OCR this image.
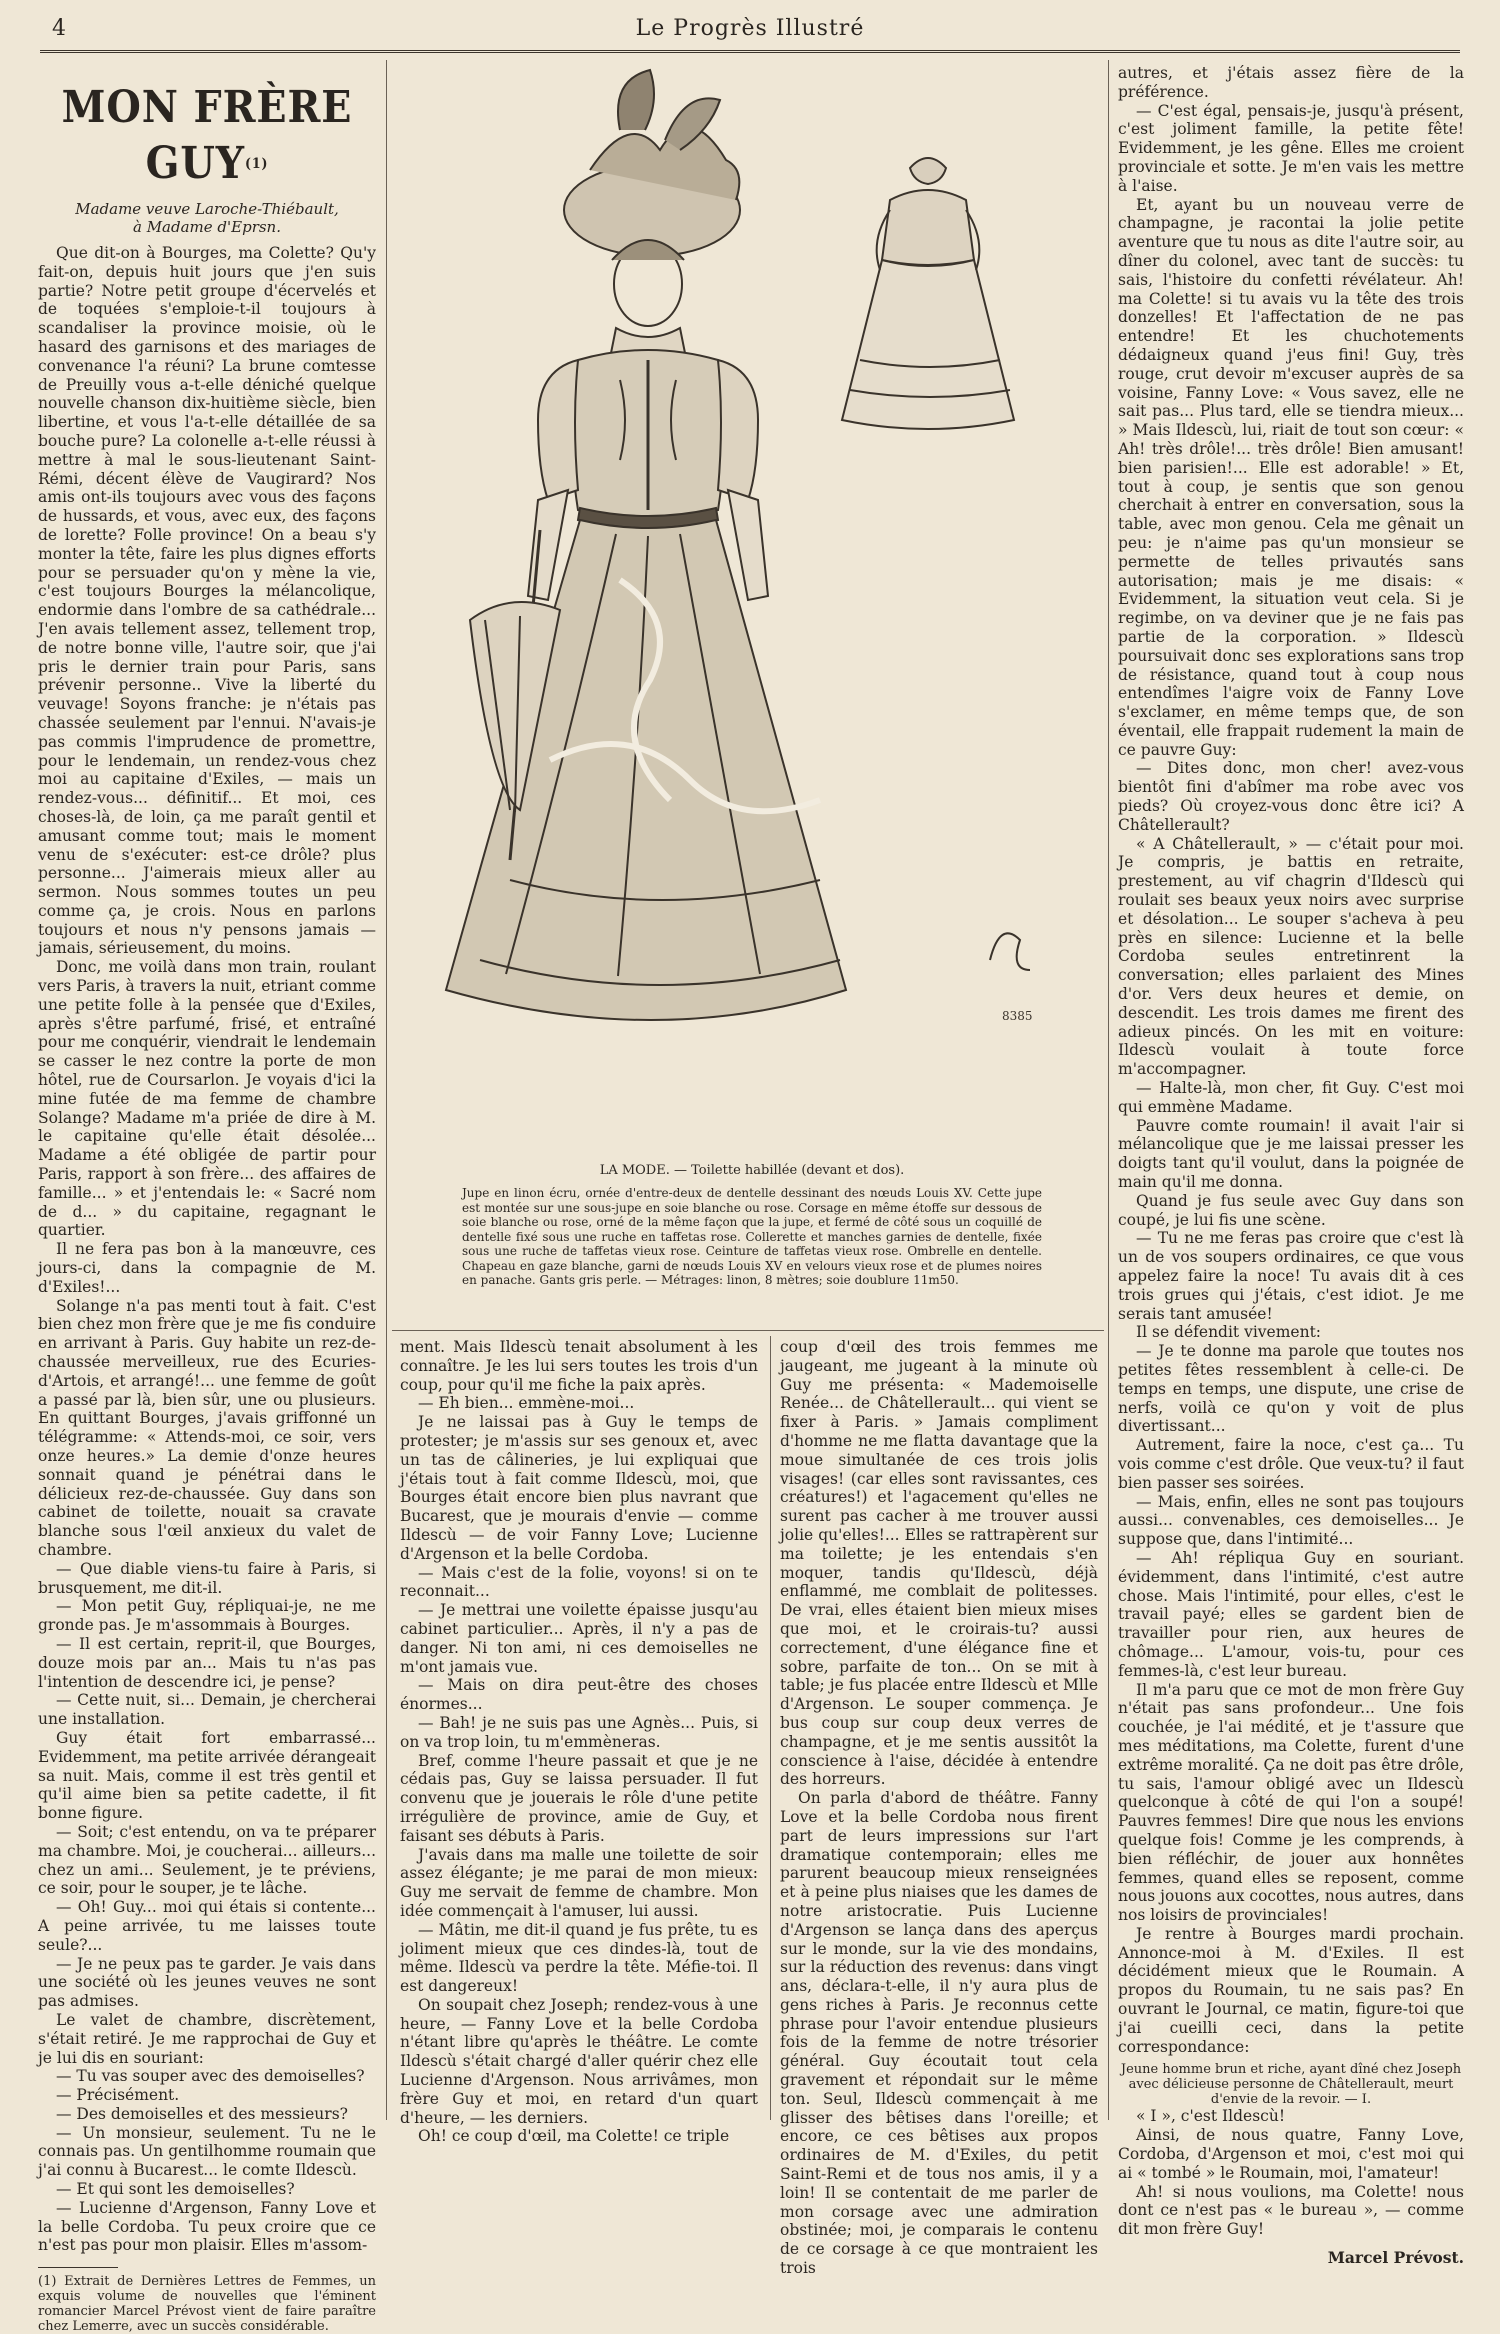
4	Le Progrès Illustré
MON FRÈRE GUY$^{(1)}$
Madame veuve Laroche-Thiébault,
à Madame d'Eprsn.

Que dit-on à Bourges, ma Colette? Qu'y fait-on, depuis huit jours que j'en suis partie? Notre petit groupe d'écervelés et de toquées s'emploie-t-il toujours à scandaliser la province moisie, où le hasard des garnisons et des mariages de convenance l'a réuni? La brune comtesse de Preuilly vous a-t-elle déniché quelque nouvelle chanson dix-huitième siècle, bien libertine, et vous l'a-t-elle détaillée de sa bouche pure? La colonelle a-t-elle réussi à mettre à mal le sous-lieutenant Saint-Rémi, décent élève de Vaugirard? Nos amis ont-ils toujours avec vous des façons de hussards, et vous, avec eux, des façons de lorette? Folle province! On a beau s'y monter la tête, faire les plus dignes efforts pour se persuader qu'on y mène la vie, c'est toujours Bourges la mélancolique, endormie dans l'ombre de sa cathédrale... J'en avais tellement assez, tellement trop, de notre bonne ville, l'autre soir, que j'ai pris le dernier train pour Paris, sans prévenir personne.. Vive la liberté du veuvage! Soyons franche: je n'étais pas chassée seulement par l'ennui. N'avais-je pas commis l'imprudence de promettre, pour le lendemain, un rendez-vous chez moi au capitaine d'Exiles, — mais un rendez-vous... définitif... Et moi, ces choses-là, de loin, ça me paraît gentil et amusant comme tout; mais le moment venu de s'exécuter: est-ce drôle? plus personne... J'aimerais mieux aller au sermon. Nous sommes toutes un peu comme ça, je crois. Nous en parlons toujours et nous n'y pensons jamais — jamais, sérieusement, du moins.

Donc, me voilà dans mon train, roulant vers Paris, à travers la nuit, etriant comme une petite folle à la pensée que d'Exiles, après s'être parfumé, frisé, et entraîné pour me conquérir, viendrait le lendemain se casser le nez contre la porte de mon hôtel, rue de Coursarlon. Je voyais d'ici la mine futée de ma femme de chambre Solange? Madame m'a priée de dire à M. le capitaine qu'elle était désolée... Madame a été obligée de partir pour Paris, rapport à son frère... des affaires de famille... » et j'entendais le: « Sacré nom de d... » du capitaine, regagnant le quartier.

Il ne fera pas bon à la manœuvre, ces jours-ci, dans la compagnie de M. d'Exiles!...

Solange n'a pas menti tout à fait. C'est bien chez mon frère que je me fis conduire en arrivant à Paris. Guy habite un rez-de-chaussée merveilleux, rue des Ecuries-d'Artois, et arrangé!... une femme de goût a passé par là, bien sûr, une ou plusieurs. En quittant Bourges, j'avais griffonné un télégramme: « Attends-moi, ce soir, vers onze heures.» La demie d'onze heures sonnait quand je pénétrai dans le délicieux rez-de-chaussée. Guy dans son cabinet de toilette, nouait sa cravate blanche sous l'œil anxieux du valet de chambre.

— Que diable viens-tu faire à Paris, si brusquement, me dit-il.

— Mon petit Guy, répliquai-je, ne me gronde pas. Je m'assommais à Bourges.

— Il est certain, reprit-il, que Bourges, douze mois par an... Mais tu n'as pas l'intention de descendre ici, je pense?

— Cette nuit, si... Demain, je chercherai une installation.

Guy était fort embarrassé... Evidemment, ma petite arrivée dérangeait sa nuit. Mais, comme il est très gentil et qu'il aime bien sa petite cadette, il fit bonne figure.

— Soit; c'est entendu, on va te préparer ma chambre. Moi, je coucherai... ailleurs... chez un ami... Seulement, je te préviens, ce soir, pour le souper, je te lâche.

— Oh! Guy... moi qui étais si contente... A peine arrivée, tu me laisses toute seule?...

— Je ne peux pas te garder. Je vais dans une société où les jeunes veuves ne sont pas admises.

Le valet de chambre, discrètement, s'était retiré. Je me rapprochai de Guy et je lui dis en souriant:

— Tu vas souper avec des demoiselles?

— Précisément.

— Des demoiselles et des messieurs?

— Un monsieur, seulement. Tu ne le connais pas. Un gentilhomme roumain que j'ai connu à Bucarest... le comte Ildescù.

— Et qui sont les demoiselles?

— Lucienne d'Argenson, Fanny Love et la belle Cordoba. Tu peux croire que ce n'est pas pour mon plaisir. Elles m'assom-

(1) Extrait de Dernières Lettres de Femmes, un exquis volume de nouvelles que l'éminent romancier Marcel Prévost vient de faire paraître chez Lemerre, avec un succès considérable.

8385
LA MODE. — Toilette habillée (devant et dos).
Jupe en linon écru, ornée d'entre-deux de dentelle dessinant des nœuds Louis XV. Cette jupe est montée sur une sous-jupe en soie blanche ou rose. Corsage en même étoffe sur dessous de soie blanche ou rose, orné de la même façon que la jupe, et fermé de côté sous un coquillé de dentelle fixé sous une ruche en taffetas rose. Collerette et manches garnies de dentelle, fixée sous une ruche de taffetas vieux rose. Ceinture de taffetas vieux rose. Ombrelle en dentelle. Chapeau en gaze blanche, garni de nœuds Louis XV en velours vieux rose et de plumes noires en panache. Gants gris perle. — Métrages: linon, 8 mètres; soie doublure 11m50.

ment. Mais Ildescù tenait absolument à les connaître. Je les lui sers toutes les trois d'un coup, pour qu'il me fiche la paix après.

— Eh bien... emmène-moi...

Je ne laissai pas à Guy le temps de protester; je m'assis sur ses genoux et, avec un tas de câlineries, je lui expliquai que j'étais tout à fait comme Ildescù, moi, que Bourges était encore bien plus navrant que Bucarest, que je mourais d'envie — comme Ildescù — de voir Fanny Love; Lucienne d'Argenson et la belle Cordoba.

— Mais c'est de la folie, voyons! si on te reconnait...

— Je mettrai une voilette épaisse jusqu'au cabinet particulier... Après, il n'y a pas de danger. Ni ton ami, ni ces demoiselles ne m'ont jamais vue.

— Mais on dira peut-être des choses énormes...

— Bah! je ne suis pas une Agnès... Puis, si on va trop loin, tu m'emmèneras.

Bref, comme l'heure passait et que je ne cédais pas, Guy se laissa persuader. Il fut convenu que je jouerais le rôle d'une petite irrégulière de province, amie de Guy, et faisant ses débuts à Paris.

J'avais dans ma malle une toilette de soir assez élégante; je me parai de mon mieux: Guy me servait de femme de chambre. Mon idée commençait à l'amuser, lui aussi.

— Mâtin, me dit-il quand je fus prête, tu es joliment mieux que ces dindes-là, tout de même. Ildescù va perdre la tête. Méfie-toi. Il est dangereux!

On soupait chez Joseph; rendez-vous à une heure, — Fanny Love et la belle Cordoba n'étant libre qu'après le théâtre. Le comte Ildescù s'était chargé d'aller quérir chez elle Lucienne d'Argenson. Nous arrivâmes, mon frère Guy et moi, en retard d'un quart d'heure, — les derniers.

Oh! ce coup d'œil, ma Colette! ce triple

coup d'œil des trois femmes me jaugeant, me jugeant à la minute où Guy me présenta: « Mademoiselle Renée... de Châtellerault... qui vient se fixer à Paris. » Jamais compliment d'homme ne me flatta davantage que la moue simultanée de ces trois jolis visages! (car elles sont ravissantes, ces créatures!) et l'agacement qu'elles ne surent pas cacher à me trouver aussi jolie qu'elles!... Elles se rattrapèrent sur ma toilette; je les entendais s'en moquer, tandis qu'Ildescù, déjà enflammé, me comblait de politesses. De vrai, elles étaient bien mieux mises que moi, et le croirais-tu? aussi correctement, d'une élégance fine et sobre, parfaite de ton... On se mit à table; je fus placée entre Ildescù et Mlle d'Argenson. Le souper commença. Je bus coup sur coup deux verres de champagne, et je me sentis aussitôt la conscience à l'aise, décidée à entendre des horreurs.

On parla d'abord de théâtre. Fanny Love et la belle Cordoba nous firent part de leurs impressions sur l'art dramatique contemporain; elles me parurent beaucoup mieux renseignées et à peine plus niaises que les dames de notre aristocratie. Puis Lucienne d'Argenson se lança dans des aperçus sur le monde, sur la vie des mondains, sur la réduction des revenus: dans vingt ans, déclara-t-elle, il n'y aura plus de gens riches à Paris. Je reconnus cette phrase pour l'avoir entendue plusieurs fois de la femme de notre trésorier général. Guy écoutait tout cela gravement et répondait sur le même ton. Seul, Ildescù commençait à me glisser des bêtises dans l'oreille; et encore, ce ces bêtises aux propos ordinaires de M. d'Exiles, du petit Saint-Remi et de tous nos amis, il y a loin! Il se contentait de me parler de mon corsage avec une admiration obstinée; moi, je comparais le contenu de ce corsage à ce que montraient les trois

autres, et j'étais assez fière de la préférence.

— C'est égal, pensais-je, jusqu'à présent, c'est joliment famille, la petite fête! Evidemment, je les gêne. Elles me croient provinciale et sotte. Je m'en vais les mettre à l'aise.

Et, ayant bu un nouveau verre de champagne, je racontai la jolie petite aventure que tu nous as dite l'autre soir, au dîner du colonel, avec tant de succès: tu sais, l'histoire du confetti révélateur. Ah! ma Colette! si tu avais vu la tête des trois donzelles! Et l'affectation de ne pas entendre! Et les chuchotements dédaigneux quand j'eus fini! Guy, très rouge, crut devoir m'excuser auprès de sa voisine, Fanny Love: « Vous savez, elle ne sait pas... Plus tard, elle se tiendra mieux... » Mais Ildescù, lui, riait de tout son cœur: « Ah! très drôle!... très drôle! Bien amusant! bien parisien!... Elle est adorable! » Et, tout à coup, je sentis que son genou cherchait à entrer en conversation, sous la table, avec mon genou. Cela me gênait un peu: je n'aime pas qu'un monsieur se permette de telles privautés sans autorisation; mais je me disais: « Evidemment, la situation veut cela. Si je regimbe, on va deviner que je ne fais pas partie de la corporation. » Ildescù poursuivait donc ses explorations sans trop de résistance, quand tout à coup nous entendîmes l'aigre voix de Fanny Love s'exclamer, en même temps que, de son éventail, elle frappait rudement la main de ce pauvre Guy:

— Dites donc, mon cher! avez-vous bientôt fini d'abîmer ma robe avec vos pieds? Où croyez-vous donc être ici? A Châtellerault?

« A Châtellerault, » — c'était pour moi. Je compris, je battis en retraite, prestement, au vif chagrin d'Ildescù qui roulait ses beaux yeux noirs avec surprise et désolation... Le souper s'acheva à peu près en silence: Lucienne et la belle Cordoba seules entretinrent la conversation; elles parlaient des Mines d'or. Vers deux heures et demie, on descendit. Les trois dames me firent des adieux pincés. On les mit en voiture: Ildescù voulait à toute force m'accompagner.

— Halte-là, mon cher, fit Guy. C'est moi qui emmène Madame.

Pauvre comte roumain! il avait l'air si mélancolique que je me laissai presser les doigts tant qu'il voulut, dans la poignée de main qu'il me donna.

Quand je fus seule avec Guy dans son coupé, je lui fis une scène.

— Tu ne me feras pas croire que c'est là un de vos soupers ordinaires, ce que vous appelez faire la noce! Tu avais dit à ces trois grues qui j'étais, c'est idiot. Je me serais tant amusée!

Il se défendit vivement:

— Je te donne ma parole que toutes nos petites fêtes ressemblent à celle-ci. De temps en temps, une dispute, une crise de nerfs, voilà ce qu'on y voit de plus divertissant...

Autrement, faire la noce, c'est ça... Tu vois comme c'est drôle. Que veux-tu? il faut bien passer ses soirées.

— Mais, enfin, elles ne sont pas toujours aussi... convenables, ces demoiselles... Je suppose que, dans l'intimité...

— Ah! répliqua Guy en souriant. évidemment, dans l'intimité, c'est autre chose. Mais l'intimité, pour elles, c'est le travail payé; elles se gardent bien de travailler pour rien, aux heures de chômage... L'amour, vois-tu, pour ces femmes-là, c'est leur bureau.

Il m'a paru que ce mot de mon frère Guy n'était pas sans profondeur... Une fois couchée, je l'ai médité, et je t'assure que mes méditations, ma Colette, furent d'une extrême moralité. Ça ne doit pas être drôle, tu sais, l'amour obligé avec un Ildescù quelconque à côté de qui l'on a soupé! Pauvres femmes! Dire que nous les envions quelque fois! Comme je les comprends, à bien réfléchir, de jouer aux honnêtes femmes, quand elles se reposent, comme nous jouons aux cocottes, nous autres, dans nos loisirs de provinciales!

Je rentre à Bourges mardi prochain. Annonce-moi à M. d'Exiles. Il est décidément mieux que le Roumain. A propos du Roumain, tu ne sais pas? En ouvrant le Journal, ce matin, figure-toi que j'ai cueilli ceci, dans la petite correspondance:

Jeune homme brun et riche, ayant dîné chez Joseph avec délicieuse personne de Châtellerault, meurt d'envie de la revoir. — I.

« I », c'est Ildescù!

Ainsi, de nous quatre, Fanny Love, Cordoba, d'Argenson et moi, c'est moi qui ai « tombé » le Roumain, moi, l'amateur!

Ah! si nous voulions, ma Colette! nous dont ce n'est pas « le bureau », — comme dit mon frère Guy!

Marcel Prévost.
